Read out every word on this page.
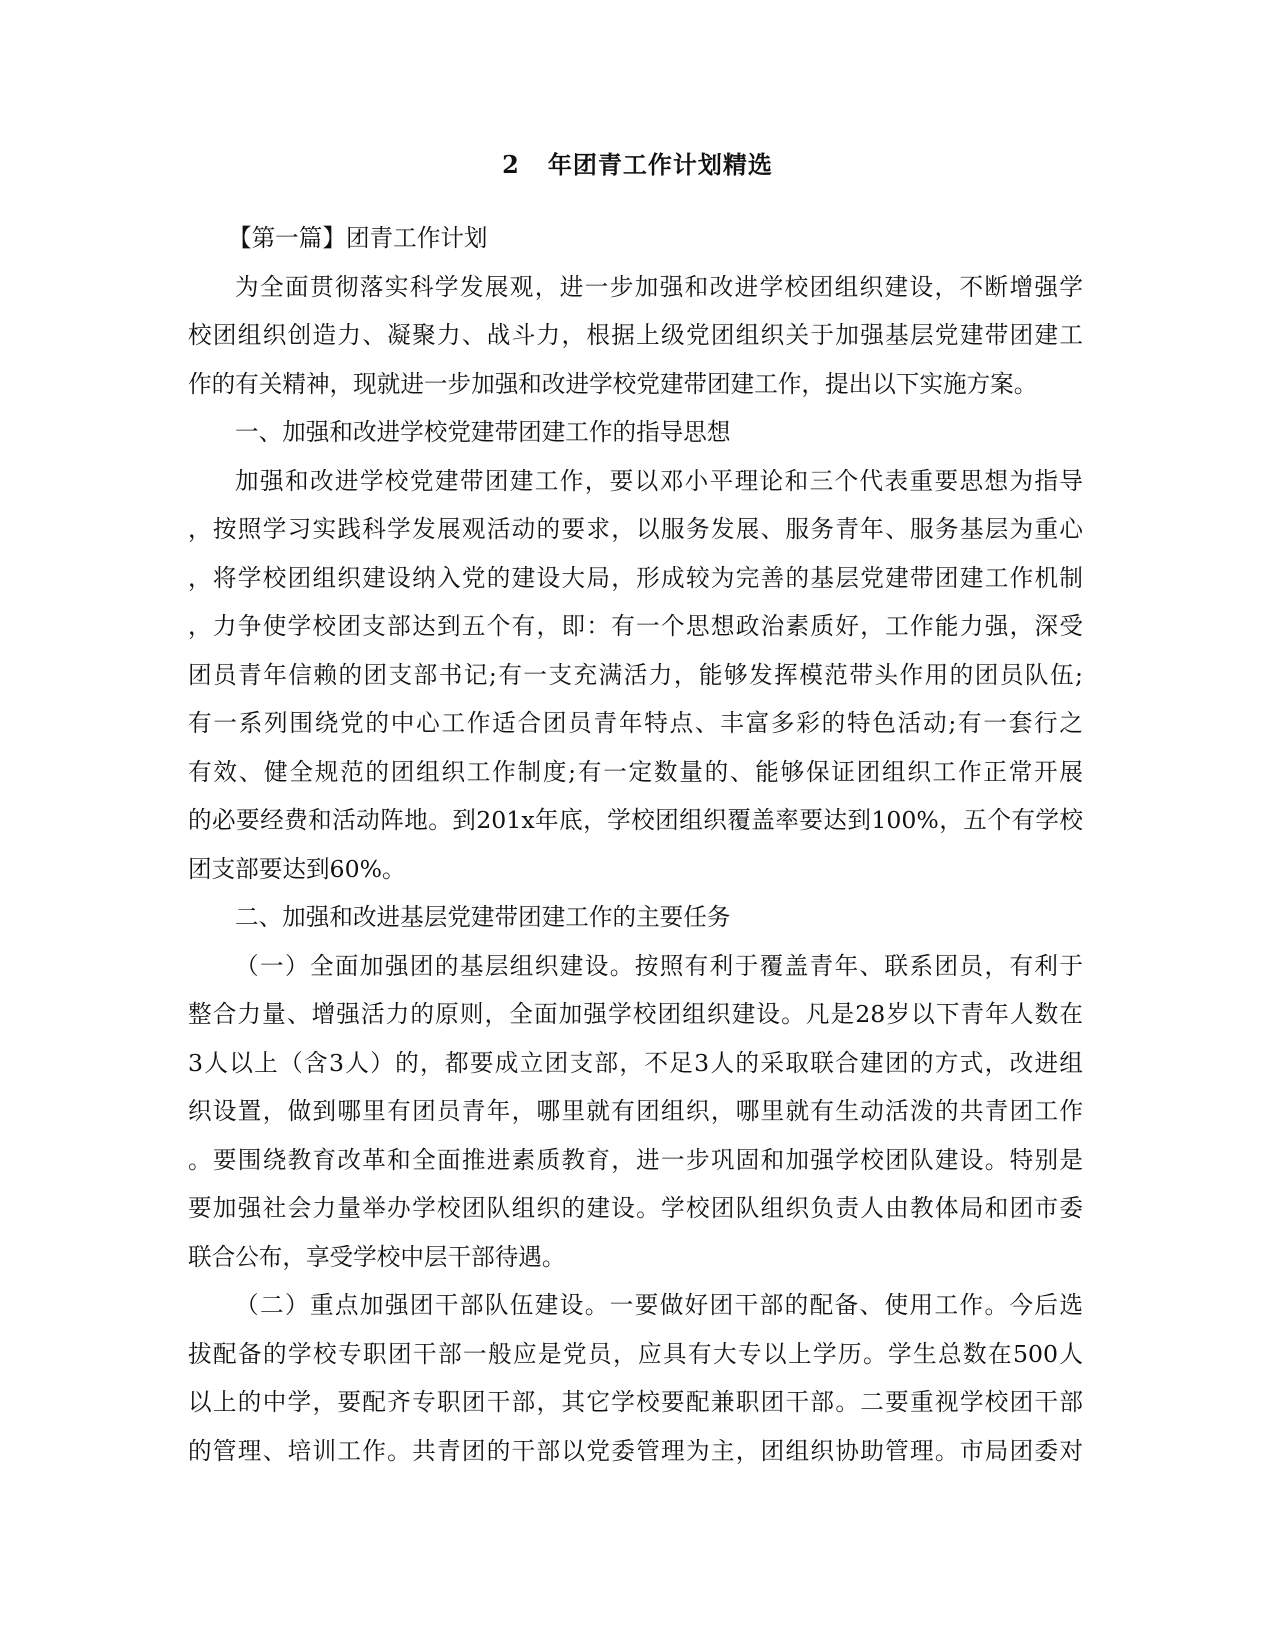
2   年团青工作计划精选
【第一篇】团青工作计划
为全面贯彻落实科学发展观，进一步加强和改进学校团组织建设，不断增强学
校团组织创造力、凝聚力、战斗力，根据上级党团组织关于加强基层党建带团建工
作的有关精神，现就进一步加强和改进学校党建带团建工作，提出以下实施方案。
一、加强和改进学校党建带团建工作的指导思想
加强和改进学校党建带团建工作，要以邓小平理论和三个代表重要思想为指导
，按照学习实践科学发展观活动的要求，以服务发展、服务青年、服务基层为重心
，将学校团组织建设纳入党的建设大局，形成较为完善的基层党建带团建工作机制
，力争使学校团支部达到五个有，即：有一个思想政治素质好，工作能力强，深受
团员青年信赖的团支部书记;有一支充满活力，能够发挥模范带头作用的团员队伍;
有一系列围绕党的中心工作适合团员青年特点、丰富多彩的特色活动;有一套行之
有效、健全规范的团组织工作制度;有一定数量的、能够保证团组织工作正常开展
的必要经费和活动阵地。到201x年底，学校团组织覆盖率要达到100%，五个有学校
团支部要达到60%。
二、加强和改进基层党建带团建工作的主要任务
（一）全面加强团的基层组织建设。按照有利于覆盖青年、联系团员，有利于
整合力量、增强活力的原则，全面加强学校团组织建设。凡是28岁以下青年人数在
3人以上（含3人）的，都要成立团支部，不足3人的采取联合建团的方式，改进组
织设置，做到哪里有团员青年，哪里就有团组织，哪里就有生动活泼的共青团工作
。要围绕教育改革和全面推进素质教育，进一步巩固和加强学校团队建设。特别是
要加强社会力量举办学校团队组织的建设。学校团队组织负责人由教体局和团市委
联合公布，享受学校中层干部待遇。
（二）重点加强团干部队伍建设。一要做好团干部的配备、使用工作。今后选
拔配备的学校专职团干部一般应是党员，应具有大专以上学历。学生总数在500人
以上的中学，要配齐专职团干部，其它学校要配兼职团干部。二要重视学校团干部
的管理、培训工作。共青团的干部以党委管理为主，团组织协助管理。市局团委对
